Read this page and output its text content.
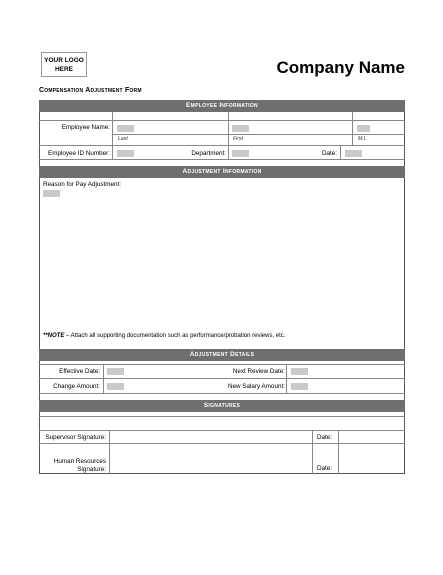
YOUR LOGO
HERE	Company Name
Compensation Adjustment Form
Employee Information
Employee Name:
Last	First	M.I.
Employee ID Number:	Department:	Date:
Adjustment Information
Reason for Pay Adjustment:
**NOTE – Attach all supporting documentation such as performance/probation reviews, etc.
Adjustment Details
Effective Date:	Next Review Date:
Change Amount:	New Salary Amount:
Signatures
Supervisor Signature:	Date:
Human Resources
Signature:	Date:
